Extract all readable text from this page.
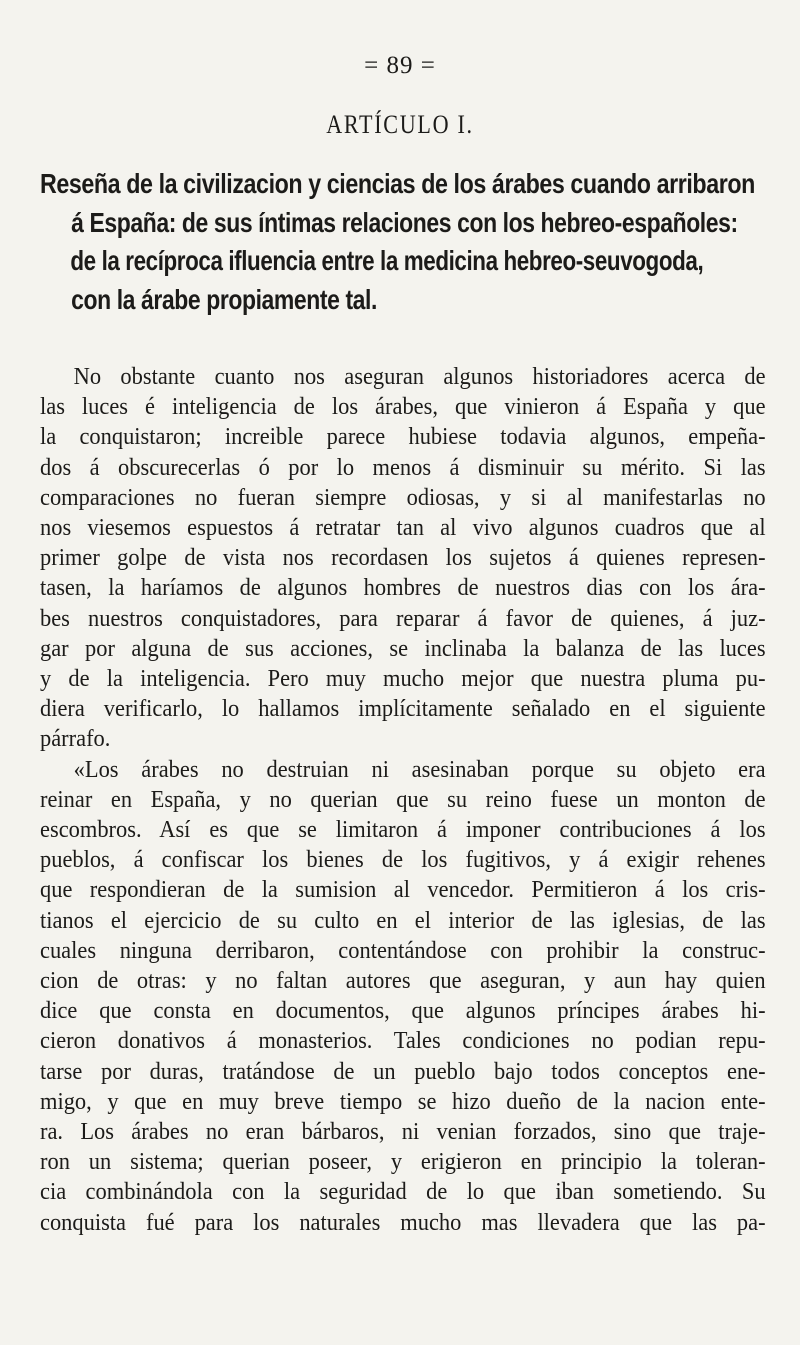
= 89 =
ARTÍCULO I.
Reseña de la civilizacion y ciencias de los árabes cuando arribaron
á España: de sus íntimas relaciones con los hebreo-españoles:
de la recíproca ifluencia entre la medicina hebreo-seuvogoda,
con la árabe propiamente tal.
No obstante cuanto nos aseguran algunos historiadores acerca de
las luces é inteligencia de los árabes, que vinieron á España y que
la conquistaron; increible parece hubiese todavia algunos, empeña-
dos á obscurecerlas ó por lo menos á disminuir su mérito. Si las
comparaciones no fueran siempre odiosas, y si al manifestarlas no
nos viesemos espuestos á retratar tan al vivo algunos cuadros que al
primer golpe de vista nos recordasen los sujetos á quienes represen-
tasen, la haríamos de algunos hombres de nuestros dias con los ára-
bes nuestros conquistadores, para reparar á favor de quienes, á juz-
gar por alguna de sus acciones, se inclinaba la balanza de las luces
y de la inteligencia. Pero muy mucho mejor que nuestra pluma pu-
diera verificarlo, lo hallamos implícitamente señalado en el siguiente
párrafo.
«Los árabes no destruian ni asesinaban porque su objeto era
reinar en España, y no querian que su reino fuese un monton de
escombros. Así es que se limitaron á imponer contribuciones á los
pueblos, á confiscar los bienes de los fugitivos, y á exigir rehenes
que respondieran de la sumision al vencedor. Permitieron á los cris-
tianos el ejercicio de su culto en el interior de las iglesias, de las
cuales ninguna derribaron, contentándose con prohibir la construc-
cion de otras: y no faltan autores que aseguran, y aun hay quien
dice que consta en documentos, que algunos príncipes árabes hi-
cieron donativos á monasterios. Tales condiciones no podian repu-
tarse por duras, tratándose de un pueblo bajo todos conceptos ene-
migo, y que en muy breve tiempo se hizo dueño de la nacion ente-
ra. Los árabes no eran bárbaros, ni venian forzados, sino que traje-
ron un sistema; querian poseer, y erigieron en principio la toleran-
cia combinándola con la seguridad de lo que iban sometiendo. Su
conquista fué para los naturales mucho mas llevadera que las pa-
